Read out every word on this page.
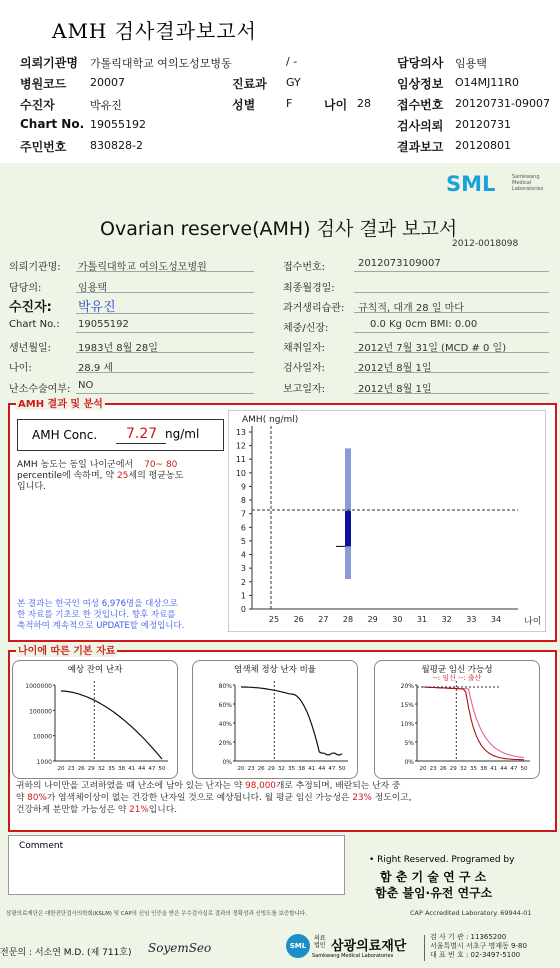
AMH 검사결과보고서
의뢰기관명 가톨릭대학교 여의도성모병동	/ -	담당의사 임용택
병원코드 20007	진료과 GY	임상정보 O14MJ11R0
수진자	박유진	성별	F	나이 28 접수번호 20120731-09007
Chart No. 19055192	검사의뢰 20120731
주민번호 830828-2	결과보고 20120801
SML	Samkwang
Medical
Laboratories
Ovarian reserve(AMH) 검사 결과 보고서
2012-0018098
의뢰기관명: 가톨릭대학교 여의도성모병원
담당의:	임용택
수진자: 박유진
Chart No.: 19055192
생년월일:	1983년 8월 28일
나이:	28.9 세
난소수술여부: NO
접수번호:	2012073109007
최종월경일:
과거생리습관: 규칙적, 대개 28 일 마다
체중/신장:	0.0 Kg 0cm BMI: 0.00
채취일자:	2012년 7월 31일 (MCD # 0 일)
검사일자:	2012년 8월 1일
보고일자:	2012년 8월 1일
AMH 결과 및 분석
AMH Conc. 7.27 ng/ml
AMH 농도는 동일 나이군에서 70~ 80
percentile에 속하며, 약 25세의 평균농도
입니다.
본 결과는 한국인 여성 6,976명을 대상으로
한 자료를 기초로 한 것입니다. 향후 자료를
축적하여 계속적으로 UPDATE할 예정입니다.
AMH( ng/ml)
0
1
2
3
4
5
6
7
8
9
10
11
12
13
25 26 27 28 29 30 31 32 33 34	나이
나이에 따른 기본 자료
예상 잔여 난자
1000000
100000
10000
1000
20 23 26 29 32 35 38 41 44 47 50
염색체 정상 난자 비율
80%
60%
40%
20%
0%
20 23 26 29 32 35 38 41 44 47 50
월평균 임신 가능성
--: 임신 --: 출산
20%
15%
10%
5%
0%
20 23 26 29 32 35 38 41 44 47 50
귀하의 나이만을 고려하였을 때 난소에 남아 있는 난자는 약 98,000개로 추정되며, 배란되는 난자 중
약 80%가 염색체이상이 없는 건강한 난자일 것으로 예상됩니다. 월 평균 임신 가능성은 23% 정도이고,
건강하게 분만할 가능성은 약 21%입니다.
Comment
• Right Reserved. Programed by
함 춘 기 술 연 구 소
함춘 불임·유전 연구소
삼광의료재단은 대한진단검사의학회(KSLM) 및 CAP의 신임 인증을 받은 우수검사실로 결과의 정확성과 신빙도를 보증합니다.	CAP Accredited Laboratory. 69944-01
전문의 : 서소연 M.D. (제 711호) SoyemSeo	SML
의료 법인 삼광의료재단
Samkwang Medical Laboratories
검 사 기 관 : 11365200
서울특별시 서초구 명재동 9-80
대 표 번 호 : 02-3497-5100
